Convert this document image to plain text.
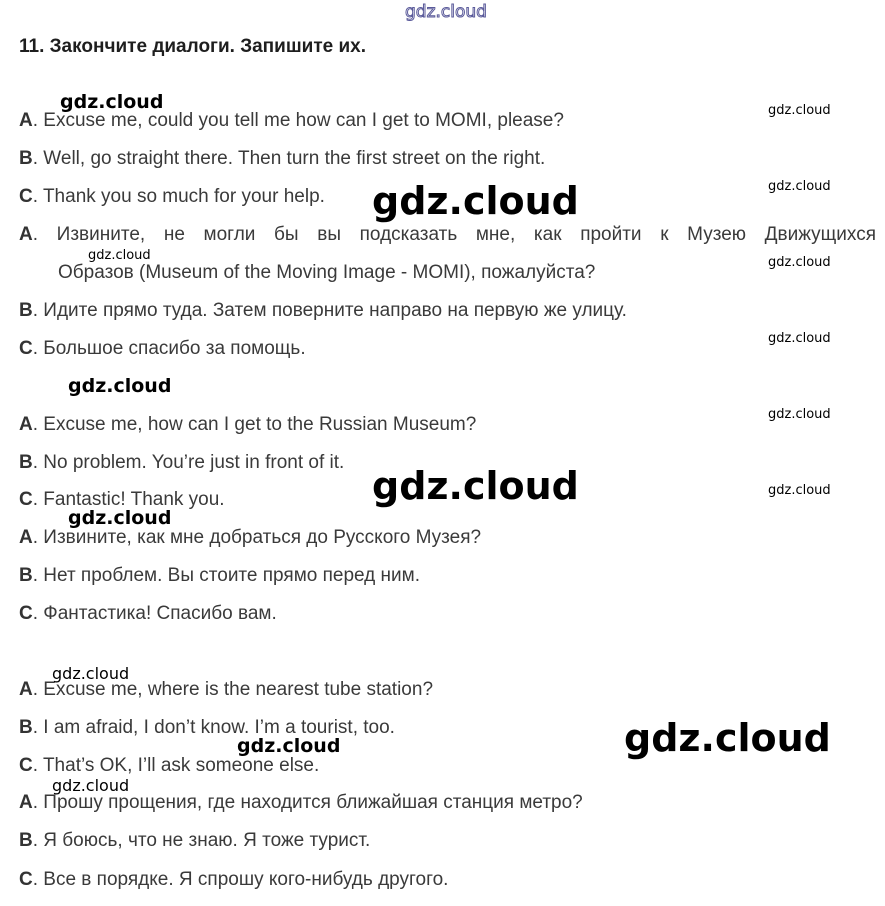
gdz.cloud
11. Закончите диалоги. Запишите их.
A. Excuse me, could you tell me how can I get to MOMI, please?
B. Well, go straight there. Then turn the first street on the right.
C. Thank you so much for your help.
A. Извините, не могли бы вы подсказать мне, как пройти к Музею Движущихся
Образов (Museum of the Moving Image - MOMI), пожалуйста?
B. Идите прямо туда. Затем поверните направо на первую же улицу.
C. Большое спасибо за помощь.
A. Excuse me, how can I get to the Russian Museum?
B. No problem. You’re just in front of it.
C. Fantastic! Thank you.
A. Извините, как мне добраться до Русского Музея?
B. Нет проблем. Вы стоите прямо перед ним.
C. Фантастика! Спасибо вам.
A. Excuse me, where is the nearest tube station?
B. I am afraid, I don’t know. I’m a tourist, too.
C. That’s OK, I’ll ask someone else.
A. Прошу прощения, где находится ближайшая станция метро?
B. Я боюсь, что не знаю. Я тоже турист.
C. Все в порядке. Я спрошу кого-нибудь другого.
gdz.cloud	gdz.cloud
gdz.cloud
gdz.cloud
gdz.cloud	gdz.cloud
gdz.cloud
gdz.cloud
gdz.cloud
gdz.cloud	gdz.cloud
gdz.cloud
gdz.cloud
gdz.cloud
gdz.cloud
gdz.cloud
